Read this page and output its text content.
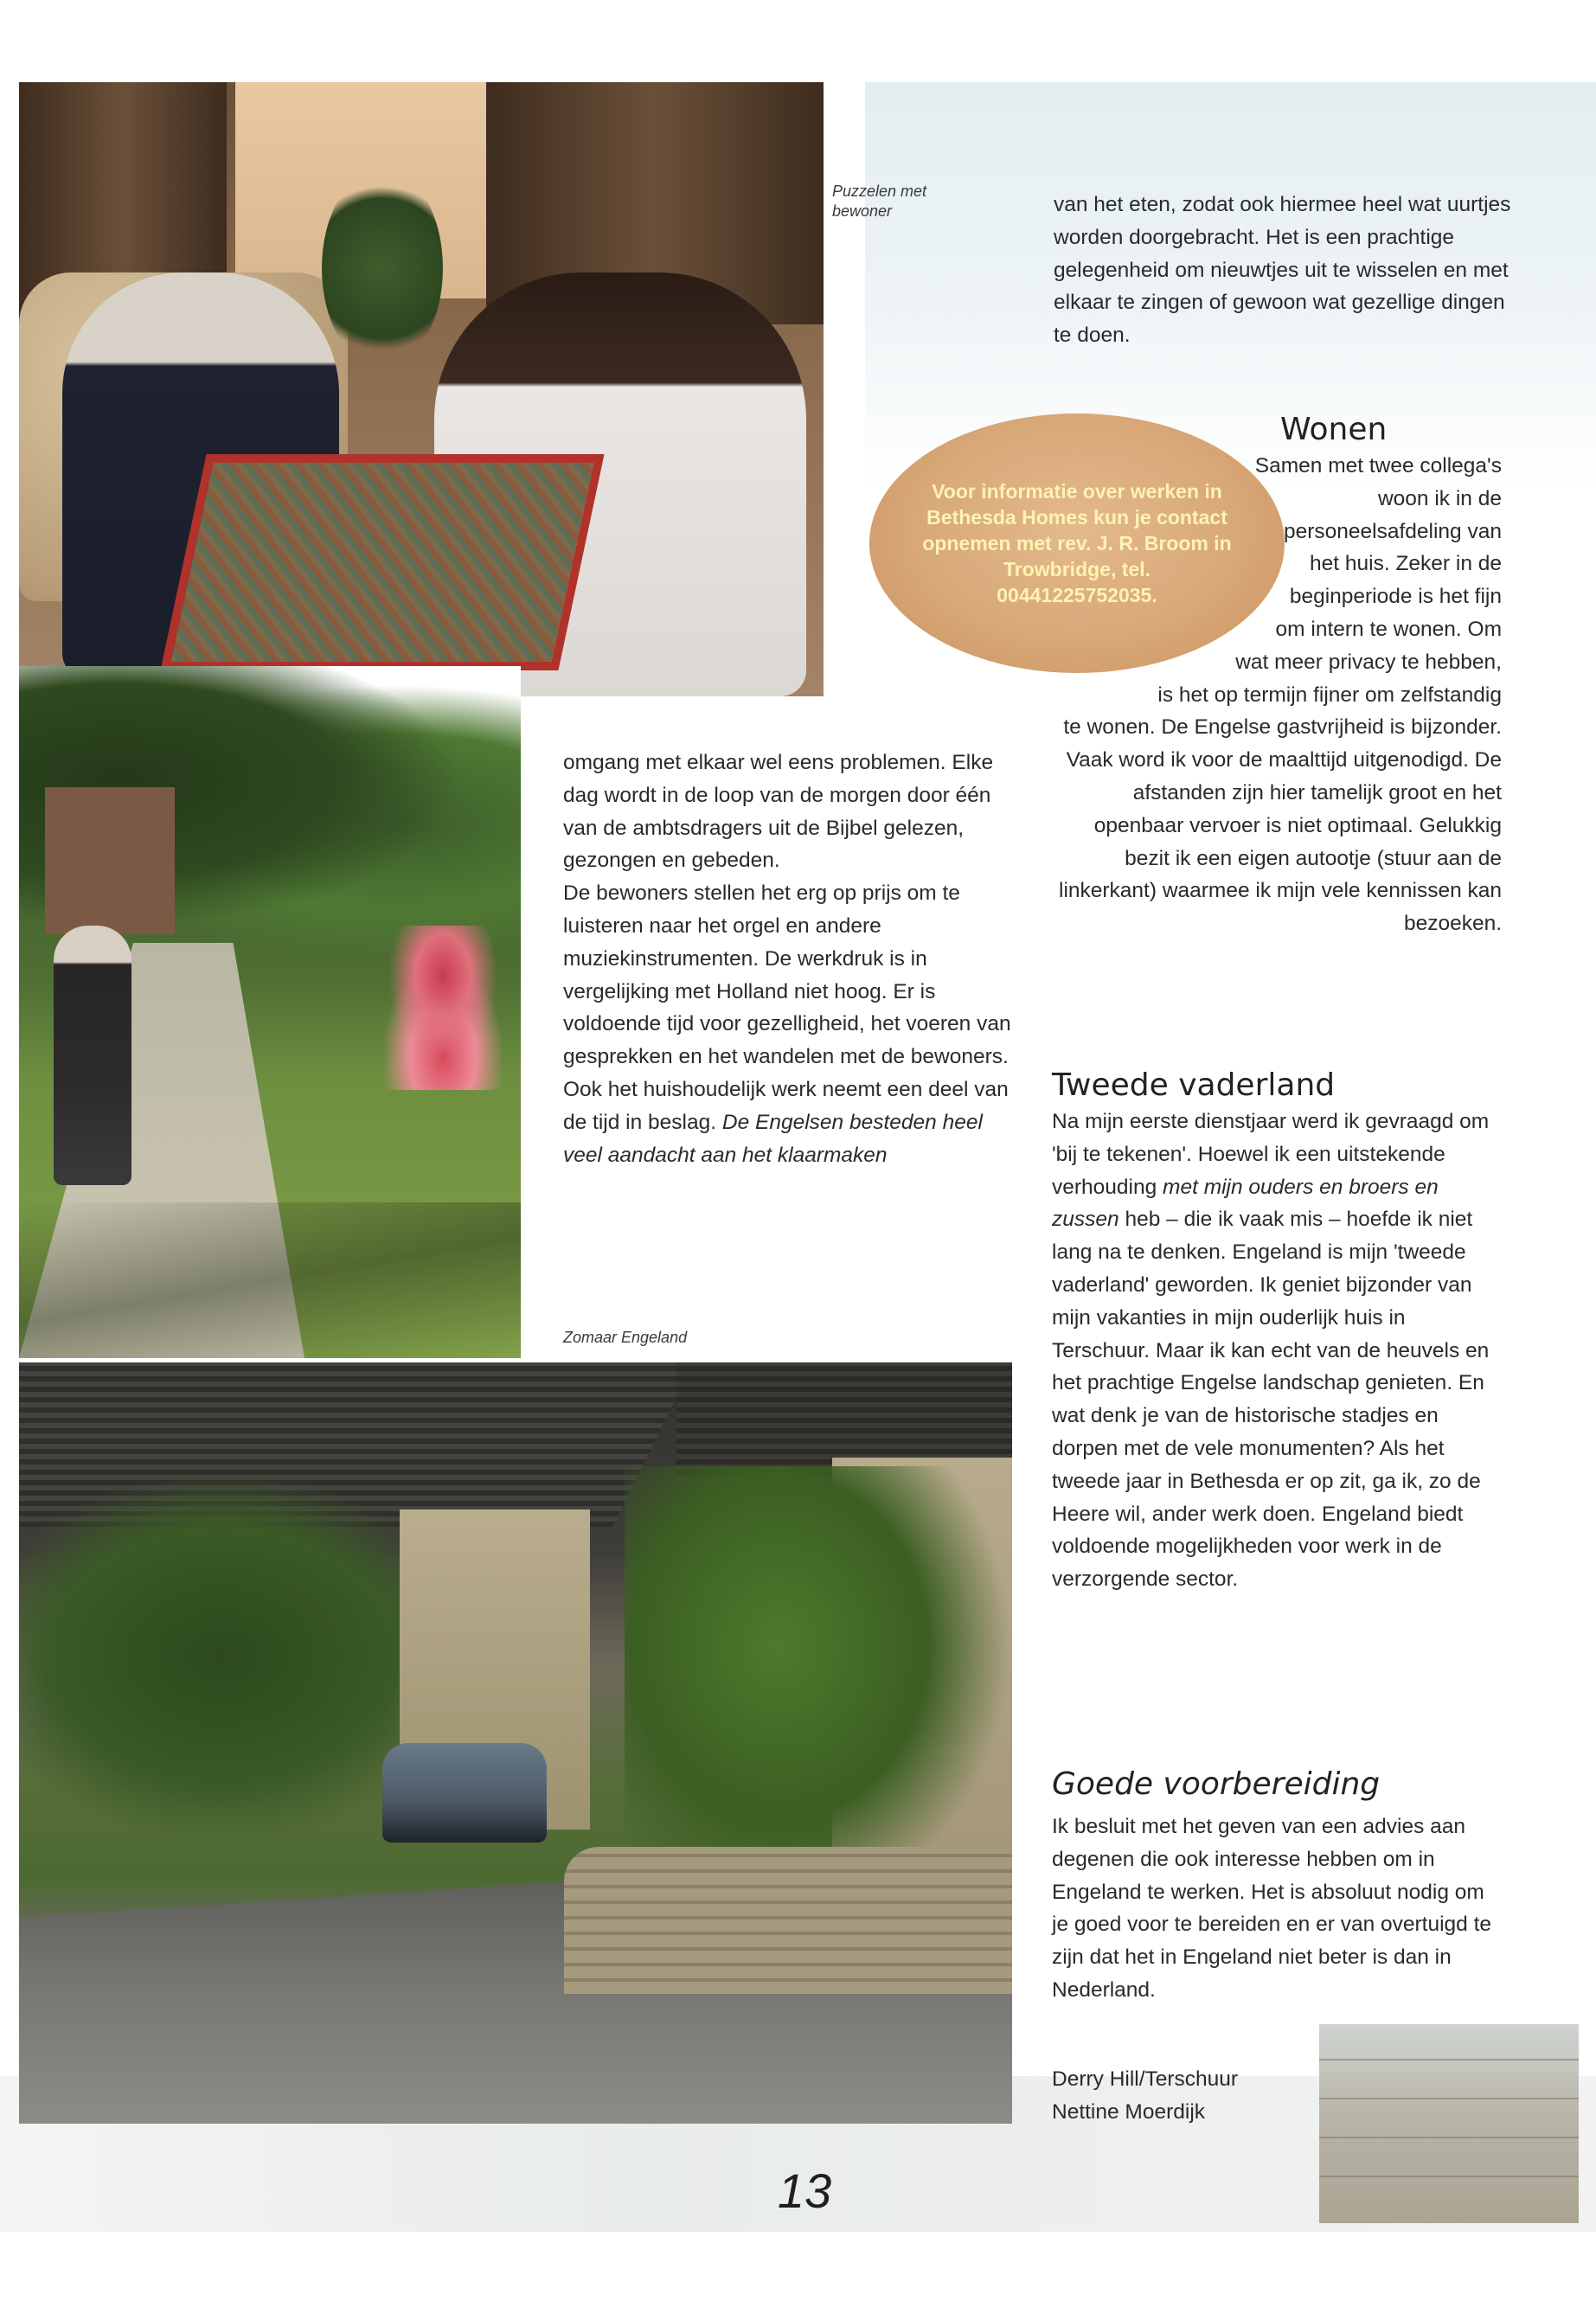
Puzzelen met bewoner
Zomaar Engeland

Voor informatie over werken in Bethesda Homes kun je contact opnemen met rev. J. R. Broom in Trowbridge, tel. 00441225752035.

van het eten, zodat ook hiermee heel wat uurtjes worden doorgebracht. Het is een prachtige gelegenheid om nieuwtjes uit te wisselen en met elkaar te zingen of gewoon wat gezellige dingen te doen.

Wonen

Samen met twee collega's woon ik in de personeelsafdeling van het huis. Zeker in de beginperiode is het fijn om intern te wonen. Om wat meer privacy te hebben, is het op termijn fijner om zelfstandig te wonen. De Engelse gastvrijheid is bijzonder. Vaak word ik voor de maalttijd uitgenodigd. De afstanden zijn hier tamelijk groot en het openbaar vervoer is niet optimaal. Gelukkig bezit ik een eigen autootje (stuur aan de linkerkant) waarmee ik mijn vele kennissen kan bezoeken.

omgang met elkaar wel eens problemen. Elke dag wordt in de loop van de morgen door één van de ambtsdragers uit de Bijbel gelezen, gezongen en gebeden.

De bewoners stellen het erg op prijs om te luisteren naar het orgel en andere muziekinstrumenten. De werkdruk is in vergelijking met Holland niet hoog. Er is voldoende tijd voor gezelligheid, het voeren van gesprekken en het wandelen met de bewoners. Ook het huishoudelijk werk neemt een deel van de tijd in beslag. De Engelsen besteden heel veel aandacht aan het klaarmaken

Tweede vaderland

Na mijn eerste dienstjaar werd ik gevraagd om 'bij te tekenen'. Hoewel ik een uitstekende verhouding met mijn ouders en broers en zussen heb – die ik vaak mis – hoefde ik niet lang na te denken. Engeland is mijn 'tweede vaderland' geworden. Ik geniet bijzonder van mijn vakanties in mijn ouderlijk huis in Terschuur. Maar ik kan echt van de heuvels en het prachtige Engelse landschap genieten. En wat denk je van de historische stadjes en dorpen met de vele monumenten? Als het tweede jaar in Bethesda er op zit, ga ik, zo de Heere wil, ander werk doen. Engeland biedt voldoende mogelijkheden voor werk in de verzorgende sector.

Goede voorbereiding

Ik besluit met het geven van een advies aan degenen die ook interesse hebben om in Engeland te werken. Het is absoluut nodig om je goed voor te bereiden en er van overtuigd te zijn dat het in Engeland niet beter is dan in Nederland.

Derry Hill/Terschuur
Nettine Moerdijk
13
